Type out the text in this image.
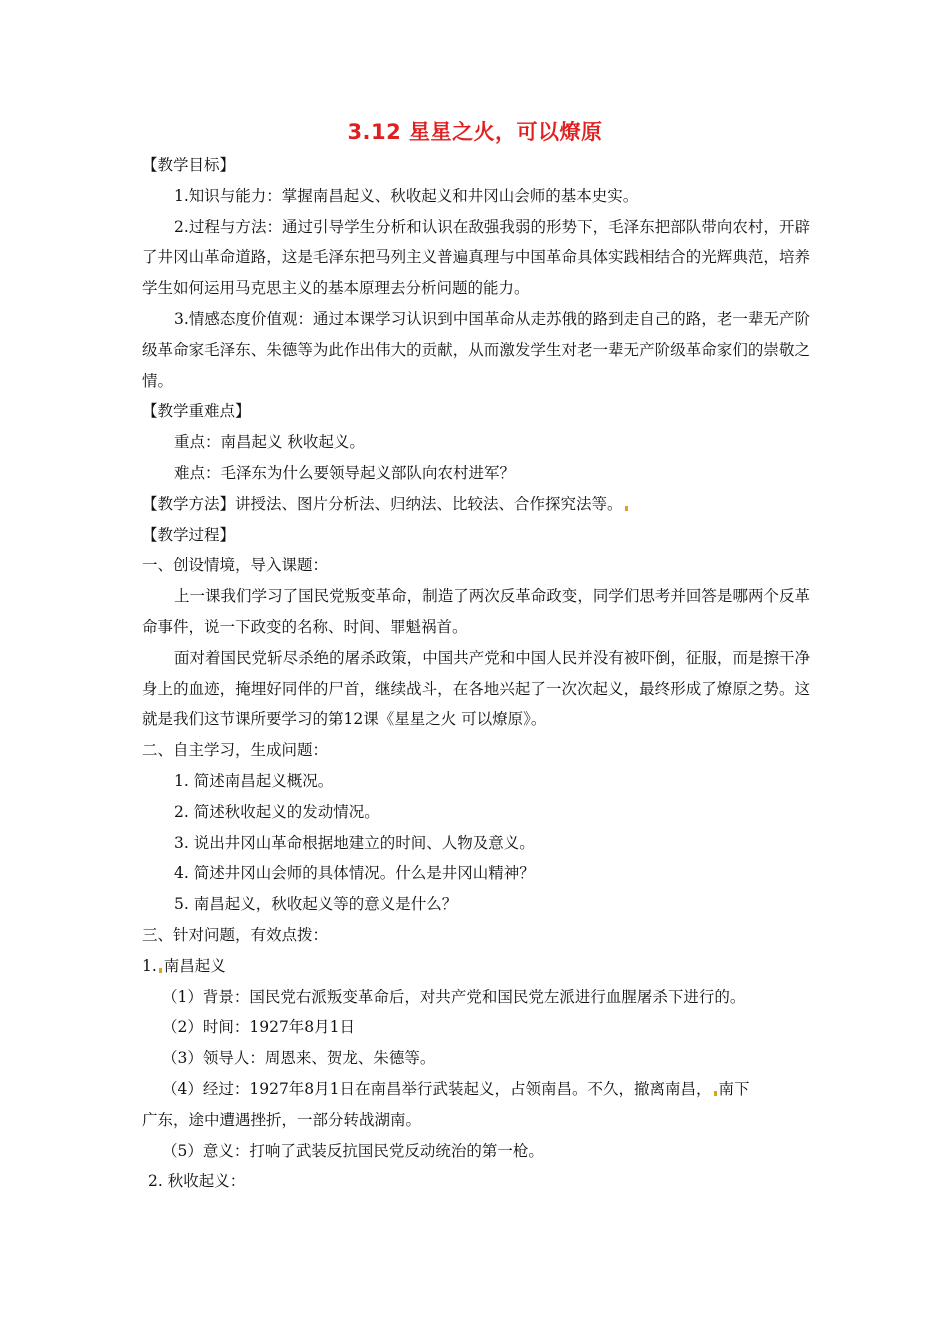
3.12 星星之火，可以燎原
【教学目标】
1.知识与能力：掌握南昌起义、秋收起义和井冈山会师的基本史实。
2.过程与方法：通过引导学生分析和认识在敌强我弱的形势下，毛泽东把部队带向农村，开辟了井冈山革命道路，这是毛泽东把马列主义普遍真理与中国革命具体实践相结合的光辉典范，培养学生如何运用马克思主义的基本原理去分析问题的能力。
3.情感态度价值观：通过本课学习认识到中国革命从走苏俄的路到走自己的路，老一辈无产阶级革命家毛泽东、朱德等为此作出伟大的贡献，从而激发学生对老一辈无产阶级革命家们的崇敬之情。
【教学重难点】
重点：南昌起义 秋收起义。
难点：毛泽东为什么要领导起义部队向农村进军？
【教学方法】讲授法、图片分析法、归纳法、比较法、合作探究法等。
【教学过程】
一、创设情境，导入课题：
上一课我们学习了国民党叛变革命，制造了两次反革命政变，同学们思考并回答是哪两个反革命事件，说一下政变的名称、时间、罪魁祸首。
面对着国民党斩尽杀绝的屠杀政策，中国共产党和中国人民并没有被吓倒，征服，而是擦干净身上的血迹，掩埋好同伴的尸首，继续战斗，在各地兴起了一次次起义，最终形成了燎原之势。这就是我们这节课所要学习的第12课《星星之火 可以燎原》。
二、自主学习，生成问题：
1. 简述南昌起义概况。
2. 简述秋收起义的发动情况。
3. 说出井冈山革命根据地建立的时间、人物及意义。
4. 简述井冈山会师的具体情况。什么是井冈山精神？
5. 南昌起义，秋收起义等的意义是什么？
三、针对问题，有效点拨：
1. 南昌起义
（1）背景：国民党右派叛变革命后，对共产党和国民党左派进行血腥屠杀下进行的。
（2）时间：1927年8月1日
（3）领导人：周恩来、贺龙、朱德等。
（4）经过：1927年8月1日在南昌举行武装起义，占领南昌。不久，撤离南昌， 南下
广东，途中遭遇挫折，一部分转战湖南。
（5）意义：打响了武装反抗国民党反动统治的第一枪。
2. 秋收起义：
